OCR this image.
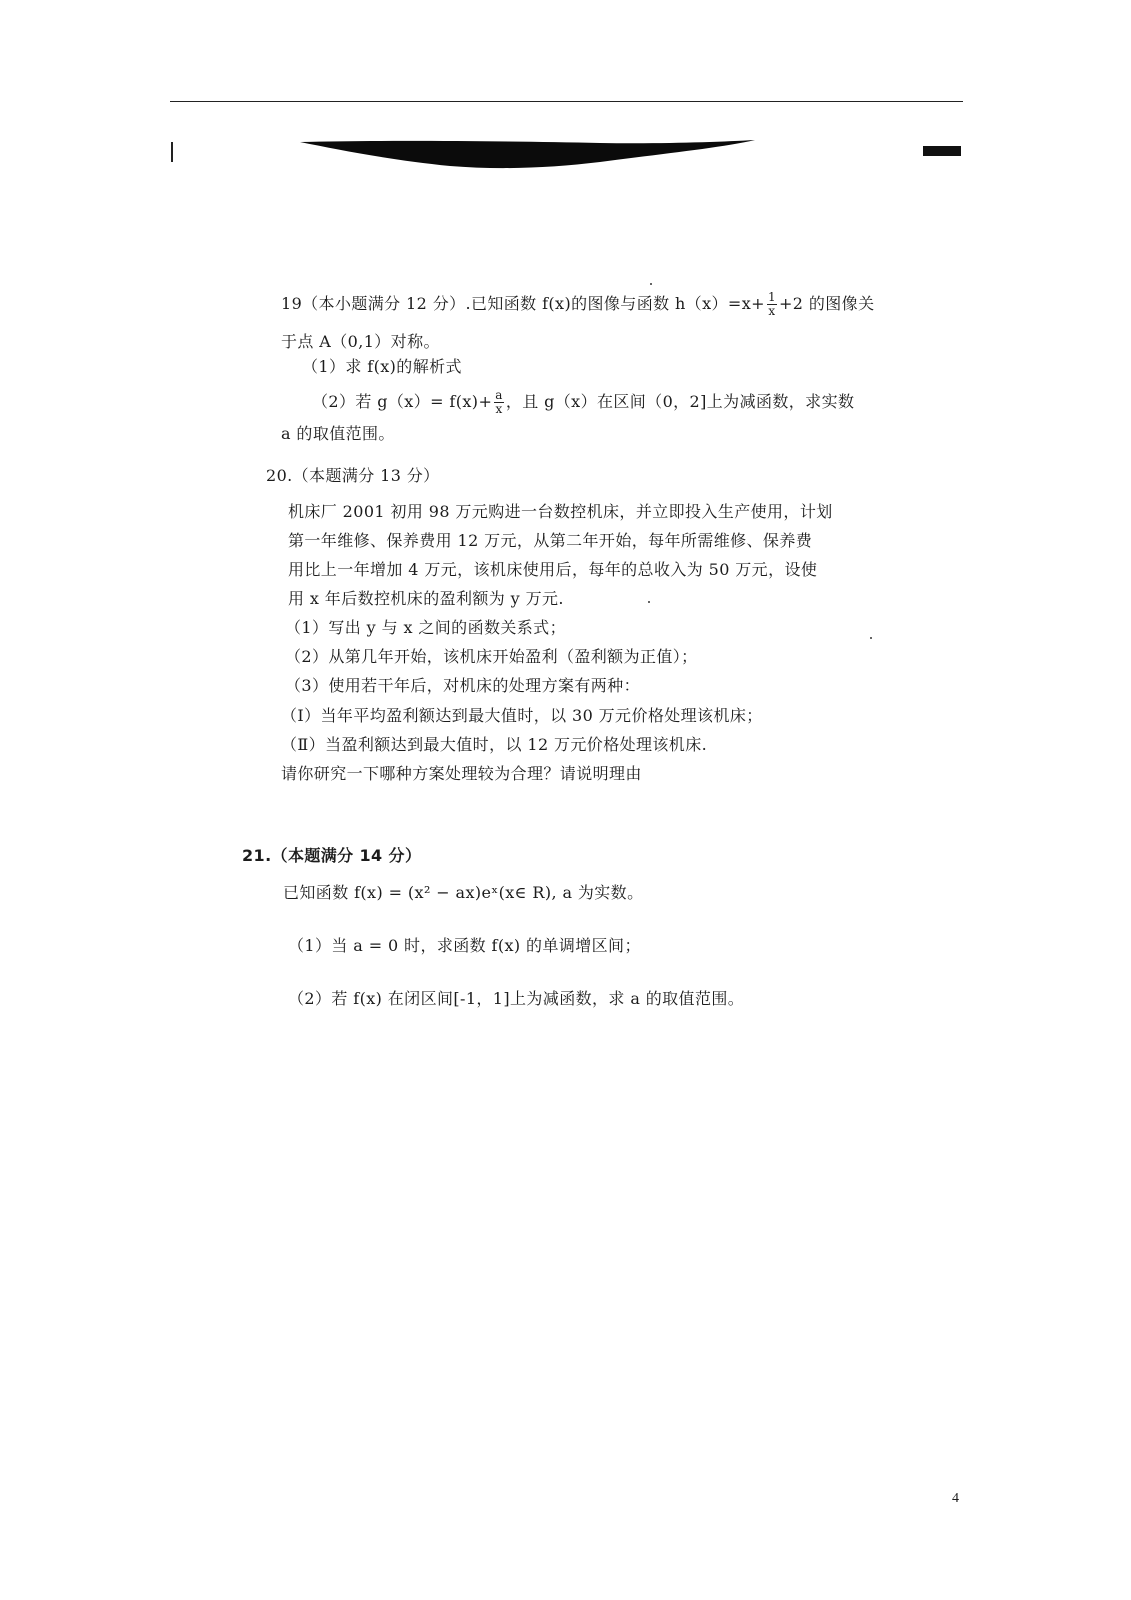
19（本小题满分 12 分）.已知函数 f(x)的图像与函数 $h(x)=x+ \frac{1}{x} +2$ 的图像关
于点 A（0,1）对称。
（1）求 f(x)的解析式
（2）若 $g(x)= f(x)+ \frac{a}{x}$ ，且 g（x）在区间（0，2]上为减函数，求实数
a 的取值范围。
20.（本题满分 13 分）
机床厂 2001 初用 98 万元购进一台数控机床，并立即投入生产使用，计划
第一年维修、保养费用 12 万元，从第二年开始，每年所需维修、保养费
用比上一年增加 4 万元，该机床使用后，每年的总收入为 50 万元，设使
用 x 年后数控机床的盈利额为 y 万元.
（1）写出 y 与 x 之间的函数关系式；
（2）从第几年开始，该机床开始盈利（盈利额为正值）；
（3）使用若干年后，对机床的处理方案有两种：
（Ⅰ）当年平均盈利额达到最大值时，以 30 万元价格处理该机床；
（Ⅱ）当盈利额达到最大值时，以 12 万元价格处理该机床.
请你研究一下哪种方案处理较为合理？请说明理由
21.（本题满分 14 分）
已知函数 f(x) = (x² − ax)eˣ(x∈ R), a 为实数。
（1）当 a = 0 时，求函数 f(x) 的单调增区间；
（2）若 f(x) 在闭区间[-1，1]上为减函数，求 a 的取值范围。
4
